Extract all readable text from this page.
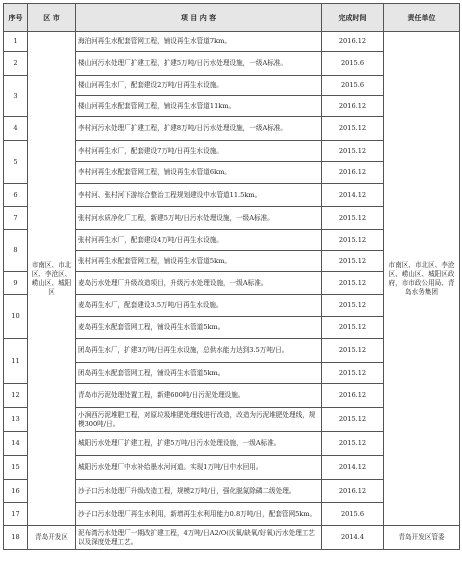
序号	区 市	项 目 内 容	完成时间	责任单位
1	市南区、市北区、李沧区、崂山区、城阳区	海泊河再生水配套管网工程，铺设再生水管道7km。	2016.12	市南区、市北区、李沧区、崂山区、城阳区政府，市市政公用局、青岛水务集团
2		楼山河污水处理厂扩建工程，扩建5万吨/日污水处理设施，一级A标准。	2015.6	
3		楼山河再生水厂，配套建设2万吨/日再生水设施。	2015.6	
		楼山河再生水配套管网工程，铺设再生水管道11km。	2016.12	
4		李村河污水处理厂扩建工程，扩建8万吨/日污水处理设施，一级A标准。	2015.12	
5		李村河再生水厂，配套建设7万吨/日再生水设施。	2015.12	
		李村河再生水配套管网工程，铺设再生水管道6km。	2016.12	
6		李村河、张村河下游综合整治工程规划建设中水管道11.5km。	2014.12	
7		张村河水质净化厂工程，新建5万吨/日污水处理设施，一级A标准。	2015.12	
8		张村河再生水厂，配套建设4万吨/日再生水设施。	2015.12	
		张村河再生水配套管网工程，铺设再生水管道5km。	2015.12	
9		麦岛污水处理厂升级改造项目，升级污水处理设施，一级A标准。	2015.12	
10		麦岛再生水厂，配套建设3.5万吨/日再生水设施。	2015.12	
		麦岛再生水配套管网工程，铺设再生水管道5km。	2015.12	
11		团岛再生水厂，扩建3万吨/日再生水设施，总供水能力达到3.5万吨/日。	2015.12	
		团岛再生水配套管网工程，铺设再生水管道5km。	2015.12	
12		青岛市污泥处理处置工程，新建600吨/日污泥处理设施。	2016.12	
13		小涧西污泥堆肥工程，对原垃圾堆肥处理线进行改造，改造为污泥堆肥处理线，规模300吨/日。	2015.12	
14		城阳污水处理厂扩建工程，扩建5万吨/日污水处理设施，一级A标准。	2015.12	
15		城阳污水处理厂中水补给墨水河河道。实现1万吨/日中水回用。	2014.12	
16		沙子口污水处理厂升级改造工程，规模2万吨/日，强化脱氮除磷二级处理。	2016.12	
17		沙子口污水处理厂再生水利用，新增再生水利用能力0.8万吨/日，配套管网5km。	2015.6	
18	青岛开发区	泥布湾污水处理厂一期改扩建工程，4万吨/日A2/O(厌氧/缺氧/好氧)污水处理工艺以及深度处理工艺。	2014.4	青岛开发区管委
